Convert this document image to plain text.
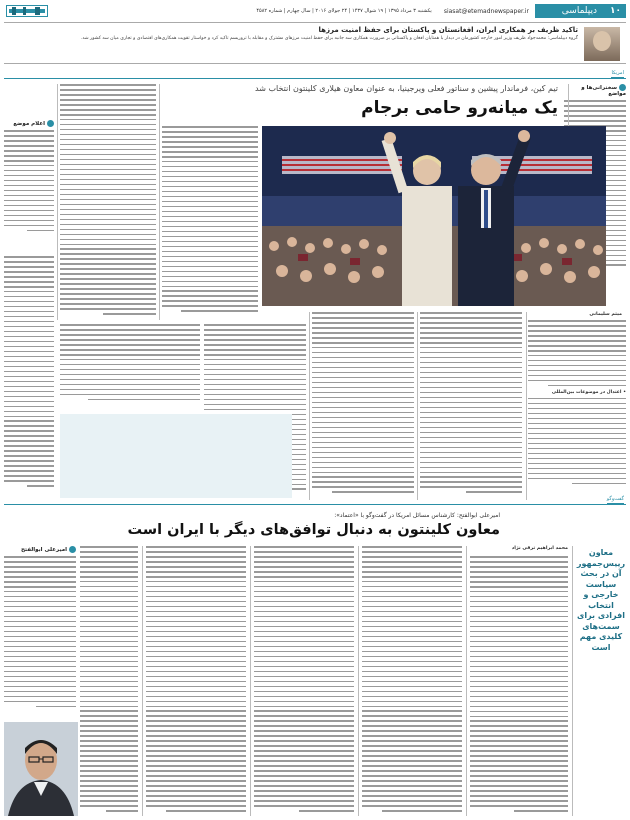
۱۰
دیپلماسی
siasat@etemadnewspaper.ir
یکشنبه ۳ مرداد ۱۳۹۵ | ۱۹ شوال ۱۴۳۷ | ۲۴ جولای ۲۰۱۶ | سال چهارم | شماره ۴۵۸۲
تاکید ظریف بر همکاری ایران، افغانستان و پاکستان برای حفظ امنیت مرزها
گروه دیپلماسی: محمدجواد ظریف وزیر امور خارجه کشورمان در دیدار با همتایان افغان و پاکستانی بر ضرورت همکاری سه جانبه برای حفظ امنیت مرزهای مشترک و مقابله با تروریسم تاکید کرد و خواستار تقویت همکاری‌های اقتصادی و تجاری میان سه کشور شد.
امریکا
تیم کین، فرماندار پیشین و سناتور فعلی ویرجینیا، به عنوان معاون هیلاری کلینتون انتخاب شد
یک میانه‌رو حامی برجام
سخنرانی‌ها و مواضع
اعلام موضع
میثم سلیمانی
• اعتدال در موضوعات بین‌المللی
گفت‌وگو
امیرعلی ابوالفتح: کارشناس مسائل امریکا در گفت‌وگو با «اعتماد»:
معاون کلینتون به دنبال توافق‌های دیگر با ایران است
معاون رییس‌جمهور آن در بحث سیاست خارجی و انتخاب افرادی برای سمت‌های کلیدی مهم است
محمد ابراهیم ترقی نژاد
امیرعلی ابوالفتح
